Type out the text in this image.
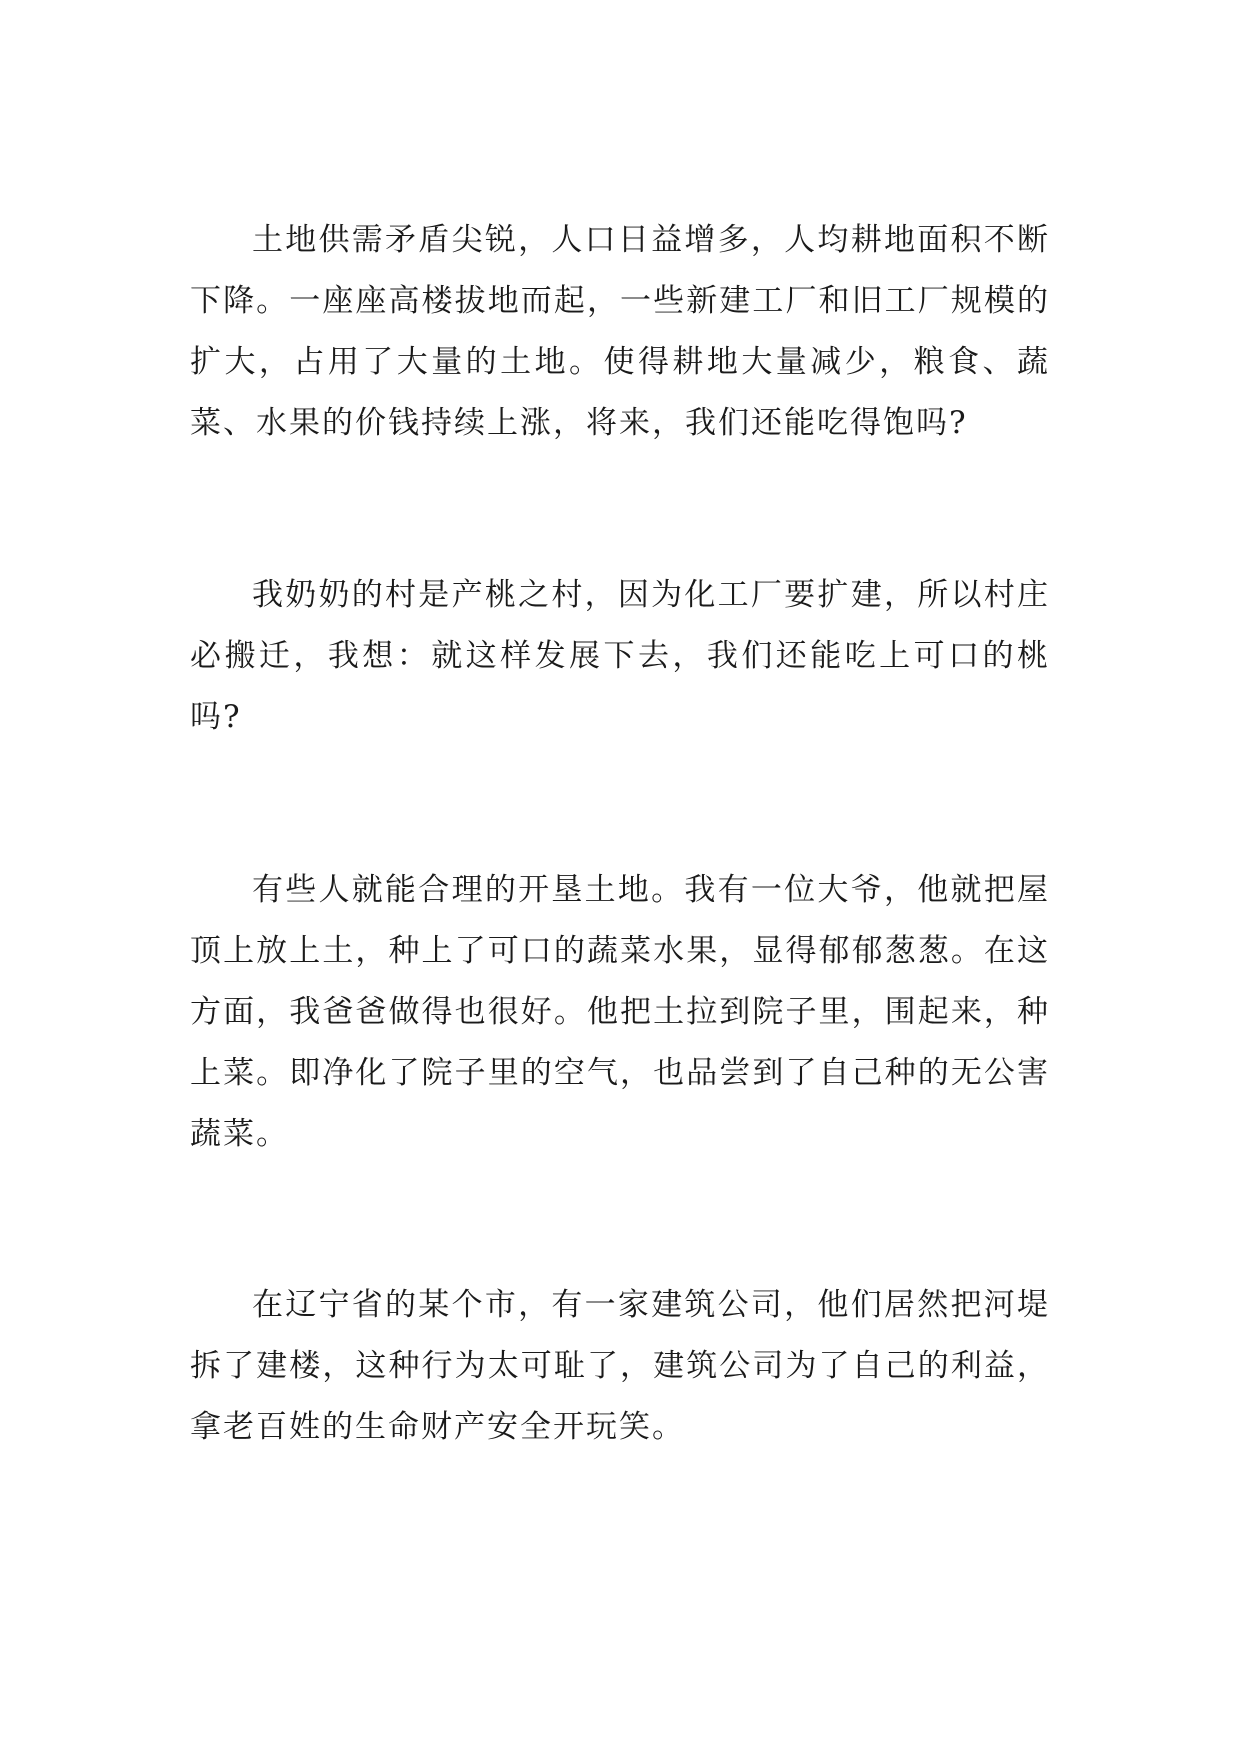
土地供需矛盾尖锐，人口日益增多，人均耕地面积不断下降。一座座高楼拔地而起，一些新建工厂和旧工厂规模的扩大，占用了大量的土地。使得耕地大量减少，粮食、蔬菜、水果的价钱持续上涨，将来，我们还能吃得饱吗?

我奶奶的村是产桃之村，因为化工厂要扩建，所以村庄必搬迁，我想：就这样发展下去，我们还能吃上可口的桃吗?

有些人就能合理的开垦土地。我有一位大爷，他就把屋顶上放上土，种上了可口的蔬菜水果，显得郁郁葱葱。在这方面，我爸爸做得也很好。他把土拉到院子里，围起来，种上菜。即净化了院子里的空气，也品尝到了自己种的无公害蔬菜。

在辽宁省的某个市，有一家建筑公司，他们居然把河堤拆了建楼，这种行为太可耻了，建筑公司为了自己的利益，拿老百姓的生命财产安全开玩笑。
